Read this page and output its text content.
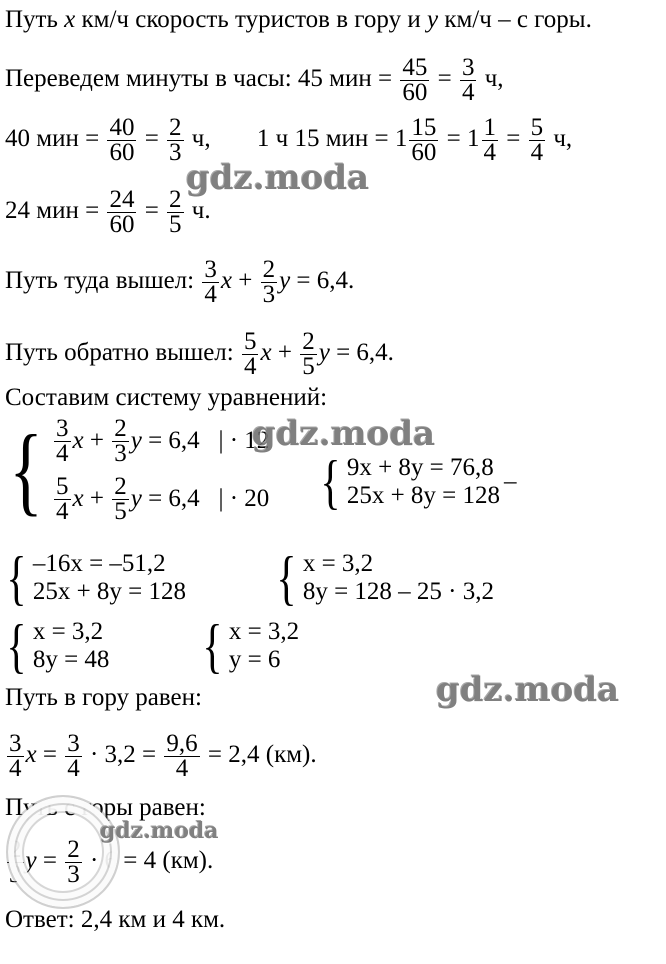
Путь x км/ч скорость туристов в гору и y км/ч – с горы.
Переведем минуты в часы: 45 мин = $\frac{45}{60} = \frac{3}{4} ч$,
40 мин = $\frac{40}{60} = \frac{2}{3} ч$, 1 ч 15 мин = $1 \frac{15}{60} = 1 \frac{1}{4} = \frac{5}{4} ч$,
24 мин = $\frac{24}{60} = \frac{2}{5} ч$.
Путь туда вышел: $\frac{3}{4}$ $x + \frac{2}{3}$ y = 6,4.
Путь обратно вышел: $\frac{5}{4}$ $x + \frac{2}{5}$ y = 6,4.
Составим систему уравнений:
{ $\frac{3}{4}$ $x + \frac{2}{3}$ y = 6,4 | · 12
$\frac{5}{4}$ $x + \frac{2}{5}$ y = 6,4 | · 20 { 9x + 8y = 76,8
25x + 8y = 128
–
{ –16x = –51,2
25x + 8y = 128 { x = 3,2
8y = 128 – 25 · 3,2
{ x = 3,2
8y = 48 { x = 3,2
y = 6
Путь в гору равен:
$\frac{3}{4}$ $x = \frac{3}{4} \cdot 3,2 = \frac{9,6}{4} = 2,4$ (км).
Путь с горы равен:
$\frac{2}{3}$ $y = \frac{2}{3} \cdot 6 = 4$ (км).
Ответ: 2,4 км и 4 км.
gdz.moda
gdz.moda
gdz.moda
gdz.moda
